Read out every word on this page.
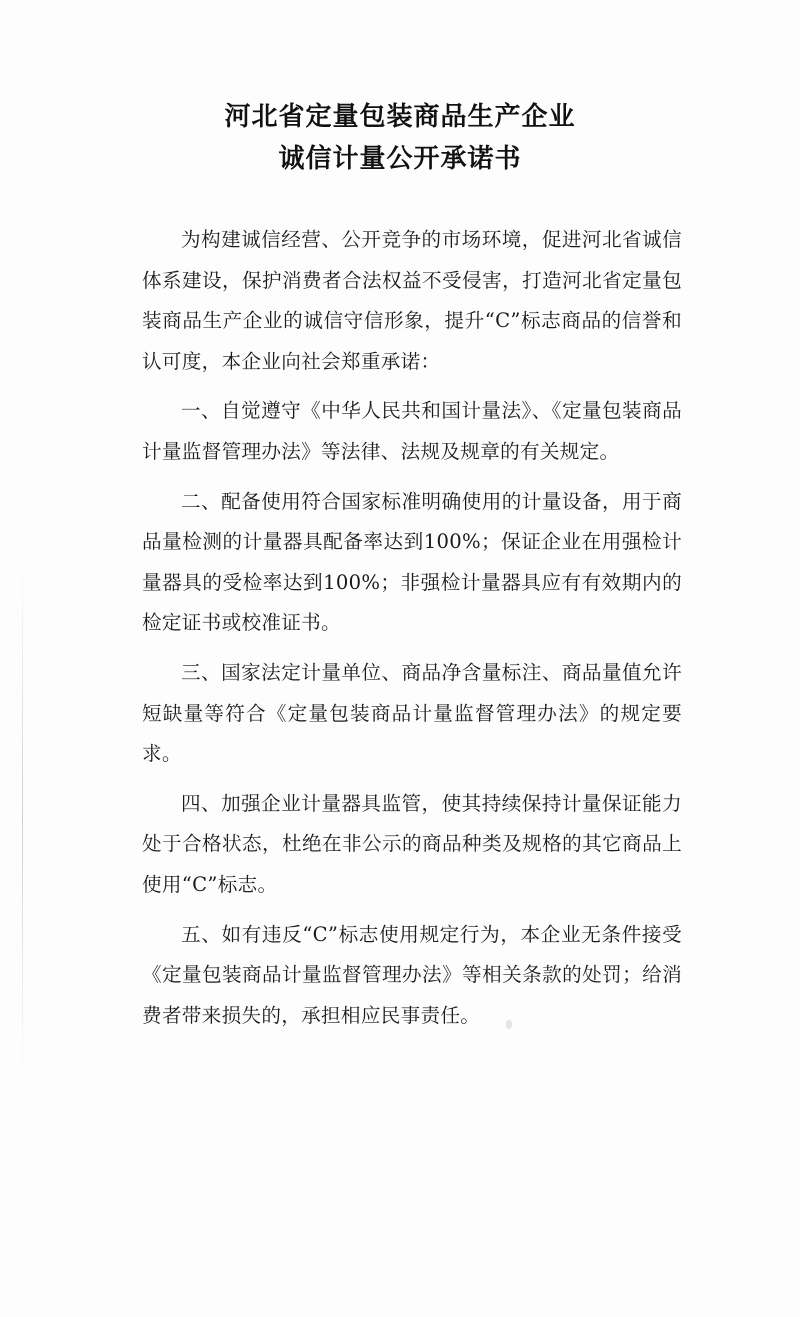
河北省定量包装商品生产企业
诚信计量公开承诺书

为构建诚信经营、公开竞争的市场环境，促进河北省诚信体系建设，保护消费者合法权益不受侵害，打造河北省定量包装商品生产企业的诚信守信形象，提升“C”标志商品的信誉和认可度，本企业向社会郑重承诺：

一、自觉遵守《中华人民共和国计量法》、《定量包装商品计量监督管理办法》等法律、法规及规章的有关规定。

二、配备使用符合国家标准明确使用的计量设备，用于商品量检测的计量器具配备率达到100%；保证企业在用强检计量器具的受检率达到100%；非强检计量器具应有有效期内的检定证书或校准证书。

三、国家法定计量单位、商品净含量标注、商品量值允许短缺量等符合《定量包装商品计量监督管理办法》的规定要求。

四、加强企业计量器具监管，使其持续保持计量保证能力处于合格状态，杜绝在非公示的商品种类及规格的其它商品上使用“C”标志。

五、如有违反“C”标志使用规定行为，本企业无条件接受《定量包装商品计量监督管理办法》等相关条款的处罚；给消费者带来损失的，承担相应民事责任。
